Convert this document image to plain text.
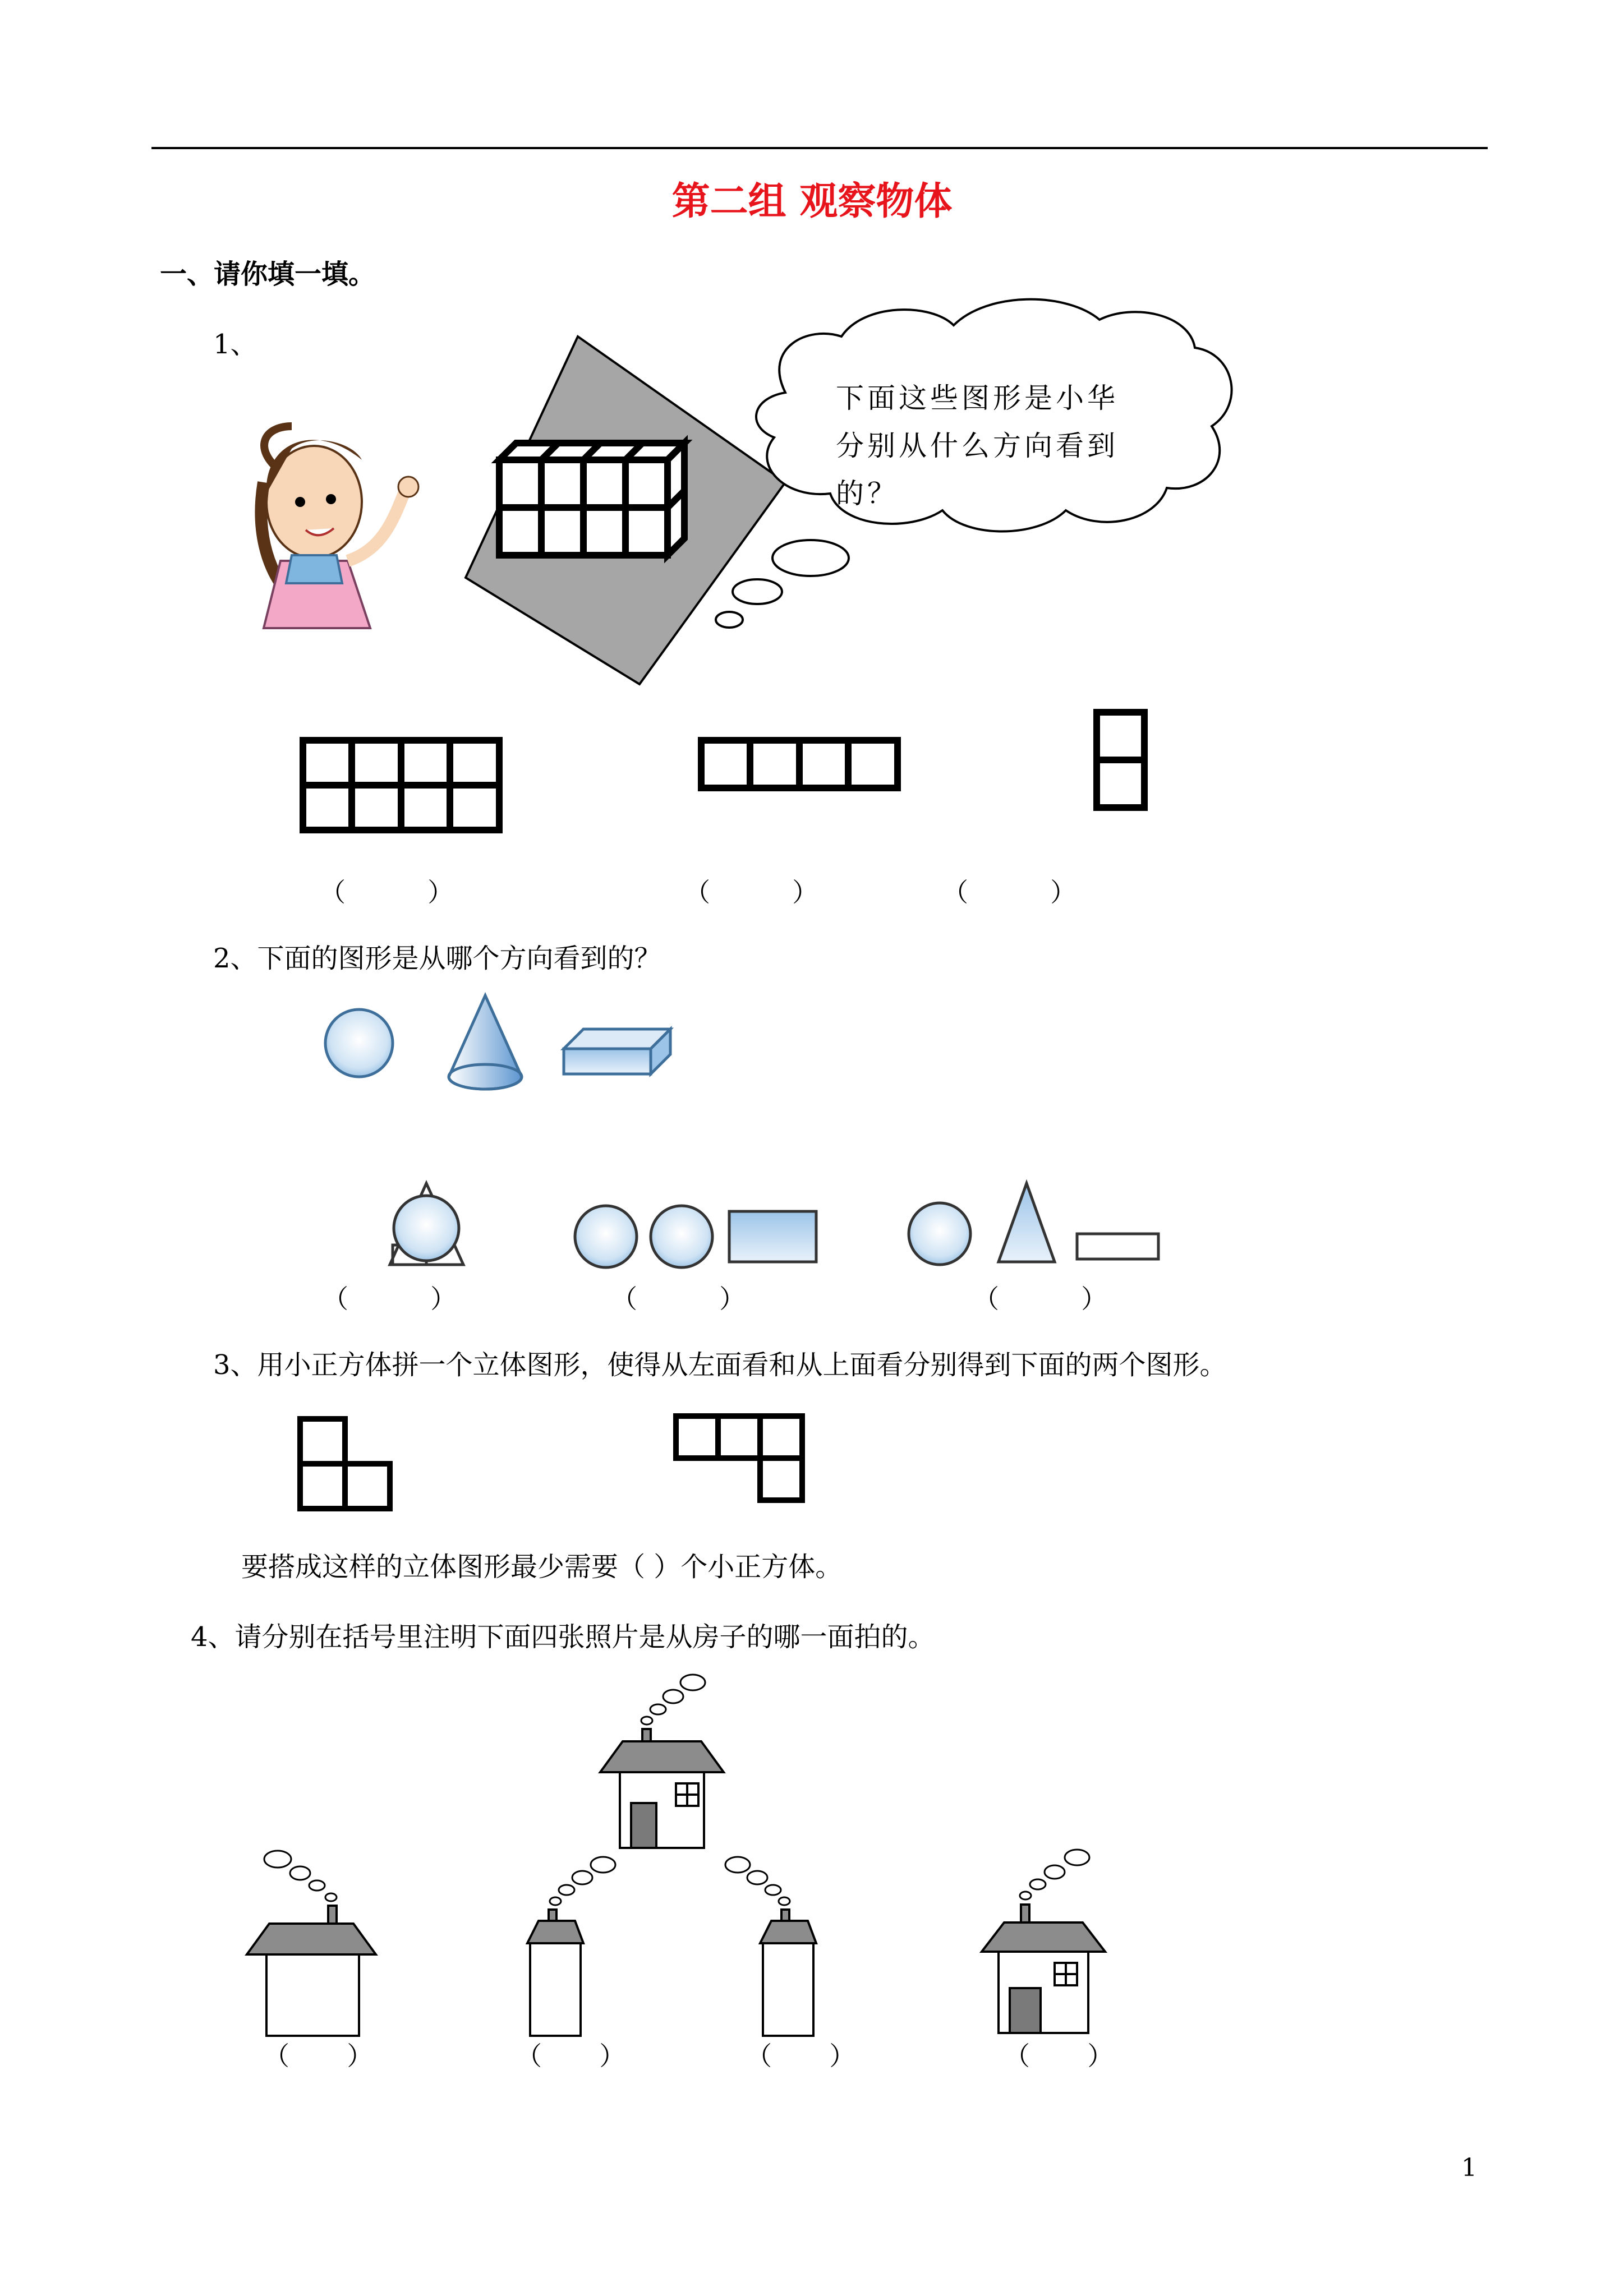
第二组 观察物体
一、请你填一填。
1、
下面这些图形是小华
分别从什么方向看到
的？
（          ）	（          ）	（          ）
2、下面的图形是从哪个方向看到的？
（          ）	（          ）	（          ）
3、用小正方体拼一个立体图形，使得从左面看和从上面看分别得到下面的两个图形。
要搭成这样的立体图形最少需要（ ）个小正方体。
4、请分别在括号里注明下面四张照片是从房子的哪一面拍的。
（       ）	（       ）	（       ）	（       ）
1
